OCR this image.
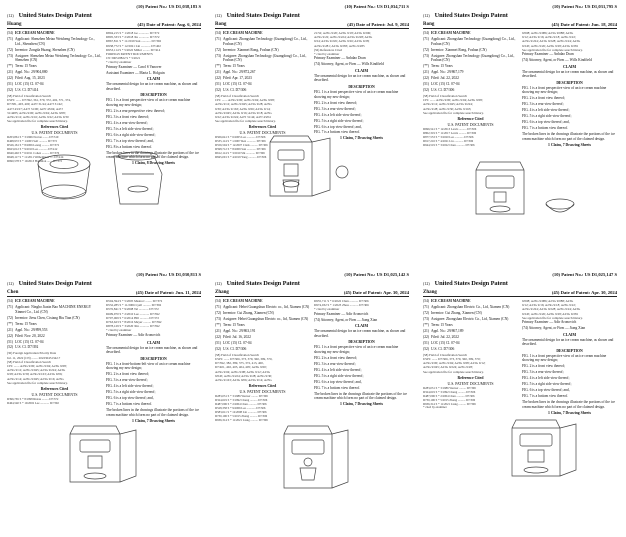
(12) United States Design Patent
(10) Patent No.: US D1,038,183 S
Huang	(45) Date of Patent: Aug. 6, 2024
(54) ICE CREAM MACHINE
(71) Applicant: Shenzhen Meiao Weisheng Technology Co., Ltd., Shenzhen (CN)
(72) Inventor: Zongda Huang, Shenzhen (CN)
(73) Assignee: Shenzhen Meiao Weisheng Technology Co., Ltd., Shenzhen (CN)
(**) Term: 15 Years
(21) Appl. No.: 29/904,880
(22) Filed: Aug. 15, 2023
(51) LOC (15) Cl. 07-04
(52) U.S. Cl. D7/414
(58) Field of Classification Search
USPC ....... D7/392, 361, 379, 372, 402, 371, 374,
D7/381, 403, 400; A47J 31/44; A47J 31/42;
A47J 43/27; A47J 31/00; A47J 43/04; A47J
31/4485; A23G 9/00; A23G 9/04; A23G 9/08;
A23G 9/12; A23G 9/16; A23G 9/22; A23G 9/30
See application file for complete search history.
References Cited
U.S. PATENT DOCUMENTS
D203,861 S * 3/1966 Norton ........ D7/319
D468,972 S * 1/2003 Seif ........... D7/372
D526,161 S * 8/2006 Leung .......... D7/372
D623,012 S * 9/2010 Lee ............ D7/412
D640,492 S * 6/2011 Cohen .......... D7/376
D648,117 S * 11/2011 Wilhelmson ..... D7/414
D690,578 S * 10/2013 Hamilton ....... D7/372
D804,215 S * 1/2018 Ge ............. D7/372
D805,333 S * 2/2018 Xu ............. D7/372
D867,811 S * 11/2019 Sun ............ D7/392
D938,772 S * 12/2021 Lin ............ D7/402
D953,114 S * 5/2022 Miller ......... D7/414
FOREIGN PATENT DOCUMENTS
CN 306518822 S * 5/2021
* cited by examiner
Primary Examiner — Carol S Vanover
Assistant Examiner — Maria L. Holguin
CLAIM
The ornamental design for an ice cream machine, as shown and described.
DESCRIPTION
FIG. 1 is a front perspective view of an ice cream machine showing my new design;
FIG. 2 is a rear perspective view thereof;
FIG. 3 is a front view thereof;
FIG. 4 is a rear view thereof;
FIG. 5 is a left side view thereof;
FIG. 6 is a right side view thereof;
FIG. 7 is a top view thereof; and,
FIG. 8 is a bottom view thereof.
The broken lines in the drawings illustrate the portions of the ice cream machine which form no part of the claimed design.
1 Claim, 8 Drawing Sheets
(12) United States Design Patent
(10) Patent No.: US D1,034,711 S
Rong	(45) Date of Patent: Jul. 9, 2024
(54) ICE CREAM MACHINE
(71) Applicant: Zhongshan Technology (Guangdong) Co., Ltd., Foshan (CN)
(72) Inventor: Xianmei Rong, Foshan (CN)
(73) Assignee: Zhongshan Technology (Guangdong) Co., Ltd., Foshan (CN)
(**) Term: 15 Years
(21) Appl. No.: 29/872,267
(22) Filed: Apr. 17, 2023
(51) LOC (15) Cl. 07-04
(52) U.S. Cl. D7/306
(58) Field of Classification Search
CPC ....... A23G 9/00; A23G 9/04; A23G 9/08;
A23G 9/12; A23G 9/045; A23G 9/28; A23G
9/30; A23G 9/163; A23G 9/06; A23G 9/14;
A23G 9/045; A23G 9/16; A23G 9/18; A23G
9/22; A23G 9/224; A47J 31/44; A47J 43/04
See application file for complete search history.
References Cited
U.S. PATENT DOCUMENTS
D506,641 S * 6/2005 Lee ............ D7/306
D535,114 S * 1/2007 Ren ............ D7/306
D556,504 S * 12/2007 Clark .......... D7/306
D598,712 S * 8/2009 Sun ............ D7/306
D612,114 S * 3/2010 Shi ............ D7/306
D845,091 S * 4/2019 Yang ........... D7/306
21/52; A23G 9/20; A23G 9/18; A23G 9/206;
A23G 9/22; A23G 9/224; A23G 9/228; A23G
9/24; A23G 9/245; A23G 9/26; A23G 9/28;
A23G 9/281; A23G 9/283; A23G 9/285
(56) References Cited
* cited by examiner
Primary Examiner — Anhdao Doan
(74) Attorney, Agent, or Firm — Wills Kindfield
CLAIM
The ornamental design for an ice cream machine, as shown and described.
DESCRIPTION
FIG. 1 is a front perspective view of an ice cream machine showing my new design;
FIG. 2 is a front view thereof;
FIG. 3 is a rear view thereof;
FIG. 4 is a left side view thereof;
FIG. 5 is a right side view thereof;
FIG. 6 is a top view thereof; and,
FIG. 7 is a bottom view thereof.
1 Claim, 7 Drawing Sheets
(12) United States Design Patent
(10) Patent No.: US D1,031,795 S
Rong	(45) Date of Patent: Jun. 18, 2024
(54) ICE CREAM MACHINE
(71) Applicant: Zhongshan Technology (Guangdong) Co., Ltd., Foshan (CN)
(72) Inventor: Xianmei Rong, Foshan (CN)
(73) Assignee: Zhongshan Technology (Guangdong) Co., Ltd., Foshan (CN)
(**) Term: 15 Years
(21) Appl. No.: 29/867,179
(22) Filed: Jul. 22, 2022
(51) LOC (15) Cl. 07-04
(52) U.S. Cl. D7/306
(58) Field of Classification Search
CPC ....... A23G 9/00; A23G 9/04; A23G 9/08;
A23G 9/12; A23G 9/045; A23G 9/224;
A23G 9/28; A23G 9/30; A23G 9/163;
See application file for complete search history.
Reference Cited
U.S. PATENT DOCUMENTS
D696,541 S * 12/2013 Lewis .......... D7/306
D802,319 S * 11/2017 Lewis .......... D7/306
D877,553 S * 3/2020 Lee ............ D7/306
D917,216 S * 4/2021 Liu ............ D7/306
D944,519 S * 3/2022 Chen ........... D7/306
9/008; A23G 9/086; A23G 9/088; A23G
9/12; A23G 9/16; A23G 9/18; A23G 9/22;
A23G 9/224; A23G 9/228; A23G 9/24; A23G
9/245; A23G 9/26; A23G 9/28; A23G 9/281
See application file for complete search history.
Primary Examiner — Anhdao Doan
(74) Attorney, Agent, or Firm — Wills Kindfield
CLAIM
The ornamental design for an ice cream machine, as shown and described.
DESCRIPTION
FIG. 1 is a front perspective view of an ice cream machine showing my new design;
FIG. 2 is a front view thereof;
FIG. 3 is a rear view thereof;
FIG. 4 is a left side view thereof;
FIG. 5 is a right side view thereof;
FIG. 6 is a top view thereof; and,
FIG. 7 is a bottom view thereof.
The broken lines in the drawings illustrate the portions of the ice cream machine which form no part of the claimed design.
1 Claim, 7 Drawing Sheets
(12) United States Design Patent
(10) Patent No.: US D1,030,813 S
Chen	(45) Date of Patent: Jun. 11, 2024
(54) ICE CREAM MACHINE
(71) Applicant: Ningbo Jiaxin Bao MACHINE ENERGY Xinmei Co., Ltd. (CN)
(72) Inventor: Jiesu Chen, Cixiang Biu Tian (CN)
(**) Term: 15 Years
(21) Appl. No.: 29/899,553
(22) Filed: Nov. 20, 2022
(51) LOC (15) Cl. 07-04
(52) U.S. Cl. D7/392
(30) Foreign Application Priority Data
Jul. 11, 2022 (CN) ........ 202230451342.7
(58) Field of Classification Search
CPC ....... A23G 9/00; A23G 9/04; A23G 9/08;
A23G 9/12; A23G 9/045; A23G 9/224; A23G
9/28; A23G 9/30; A23G 9/163; A23G 9/06;
A23G 9/14; A23G 9/045; A23G 9/16; A23G
See application file for complete search history.
References Cited
U.S. PATENT DOCUMENTS
D396,765 S * 8/1998 Ristau ......... D7/372
D464,540 S * 10/2002 Lee ............ D7/392
D504,594 S * 5/2005 Mastrov ........ D7/372
D532,285 S * 11/2006 Lyall .......... D7/392
D576,841 S * 9/2008 Tal ............ D7/372
D609,970 S * 2/2010 Lee ............ D7/392
D707,069 S * 6/2014 Hill ........... D7/372
D763,623 S * 8/2016 Meyer .......... D7/392
D878,129 S * 3/2020 Xin ............ D7/392
* cited by examiner
Primary Examiner — Adir Aronovich
CLAIM
The ornamental design for an ice cream machine, as shown and described.
DESCRIPTION
FIG. 1 is a front-bottom-left view of an ice cream machine showing my new design;
FIG. 2 is a front view thereof;
FIG. 3 is a rear view thereof;
FIG. 4 is a left side view thereof;
FIG. 5 is a right side view thereof;
FIG. 6 is a top view thereof; and,
FIG. 7 is a bottom view thereof.
The broken lines in the drawings illustrate the portions of the ice cream machine which form no part of the claimed design.
1 Claim, 7 Drawing Sheets
(12) United States Design Patent
(10) Patent No.: US D1,025,142 S
Zhang	(45) Date of Patent: Apr. 30, 2024
(54) ICE CREAM MACHINE
(71) Applicant: Hebei Guangshun Electric co., ltd, Xiamen (CN)
(72) Inventor: Cui Zhang, Xiamen (CN)
(73) Assignee: Hebei Guangshun Electric co., ltd, Xiamen (CN)
(**) Term: 15 Years
(21) Appl. No.: 29/863,191
(22) Filed: Jul. 16, 2022
(51) LOC (15) Cl. 07-04
(52) U.S. Cl. D7/306
(58) Field of Classification Search
USPC ....... D7/306, 373, 379, 360, 399, 370,
D7/392, 382, 389, 375, 372, 413, 400,
D7/401, 402, 403, 404, 405; A23G 9/00;
A23G 9/04; A23G 9/08; A23G 9/12; A23G
9/045; A23G 9/224; A23G 9/28; A23G 9/30;
A23G 9/163; A23G 9/06; A23G 9/14; A23G
References Cited
U.S. PATENT DOCUMENTS
D283,031 S * 3/1986 Weaver ......... D7/306
D324,619 S * 3/1992 Cheng .......... D7/306
D487,006 S * 2/2004 Chen ........... D7/306
D528,358 S * 9/2006 Lee ............ D7/306
D583,611 S * 12/2008 Lin ............ D7/306
D730,106 S * 5/2015 Zhang .......... D7/306
D936,314 S * 11/2021 Liang .......... D7/306
D955,711 S * 6/2022 Chan ........... D7/306
D974,032 S * 1/2023 Zhou ........... D7/306
* cited by examiner
Primary Examiner — Adir Aronovich
(74) Attorney, Agent, or Firm — Jiang Xian
CLAIM
The ornamental design for an ice cream machine, as shown and described.
DESCRIPTION
FIG. 1 is a front perspective view of an ice cream machine showing my new design;
FIG. 2 is a front view thereof;
FIG. 3 is a rear view thereof;
FIG. 4 is a left side view thereof;
FIG. 5 is a right side view thereof;
FIG. 6 is a top view thereof; and,
FIG. 7 is a bottom view thereof.
The broken lines in the drawings illustrate the portions of the ice cream machine which form no part of the claimed design.
1 Claim, 7 Drawing Sheets
(12) United States Design Patent
(10) Patent No.: US D1,025,147 S
Zhang	(45) Date of Patent: Apr. 30, 2024
(54) ICE CREAM MACHINE
(71) Applicant: Zhongshan Electric Co., Ltd, Xiamen (CN)
(72) Inventor: Cui Zhang, Xiamen (CN)
(73) Assignee: Zhongshan Electric Co., Ltd, Xiamen (CN)
(**) Term: 15 Years
(21) Appl. No.: 29/867,189
(22) Filed: Jul. 22, 2022
(51) LOC (15) Cl. 07-04
(52) U.S. Cl. D7/306
(58) Field of Classification Search
USPC ....... D7/306, 373, 379, 360, 399, 370;
A23G 9/00; A23G 9/04; A23G 9/08; A23G 9/12;
A23G 9/045; A23G 9/224; A23G 9/28;
See application file for complete search history.
Reference Cited
U.S. PATENT DOCUMENTS
D283,031 S * 3/1986 Weaver ......... D7/306
D324,619 S * 3/1992 Cheng .......... D7/306
D487,006 S * 2/2004 Chen ........... D7/306
D730,106 S * 5/2015 Zhang .......... D7/306
D936,314 S * 11/2021 Liang .......... D7/306
* cited by examiner
9/008; A23G 9/086; A23G 9/088; A23G
9/12; A23G 9/16; A23G 9/18; A23G 9/22;
A23G 9/224; A23G 9/228; A23G 9/24; A23G
9/245; A23G 9/26; A23G 9/28; A23G 9/281
See application file for complete search history.
Primary Examiner — Adir Aronovich
(74) Attorney, Agent, or Firm — Jiang Xian
CLAIM
The ornamental design for an ice cream machine, as shown and described.
DESCRIPTION
FIG. 1 is a front perspective view of an ice cream machine showing my new design;
FIG. 2 is a front view thereof;
FIG. 3 is a rear view thereof;
FIG. 4 is a left side view thereof;
FIG. 5 is a right side view thereof;
FIG. 6 is a top view thereof; and,
FIG. 7 is a bottom view thereof.
The broken lines in the drawings illustrate the portions of the ice cream machine which form no part of the claimed design.
1 Claim, 7 Drawing Sheets
